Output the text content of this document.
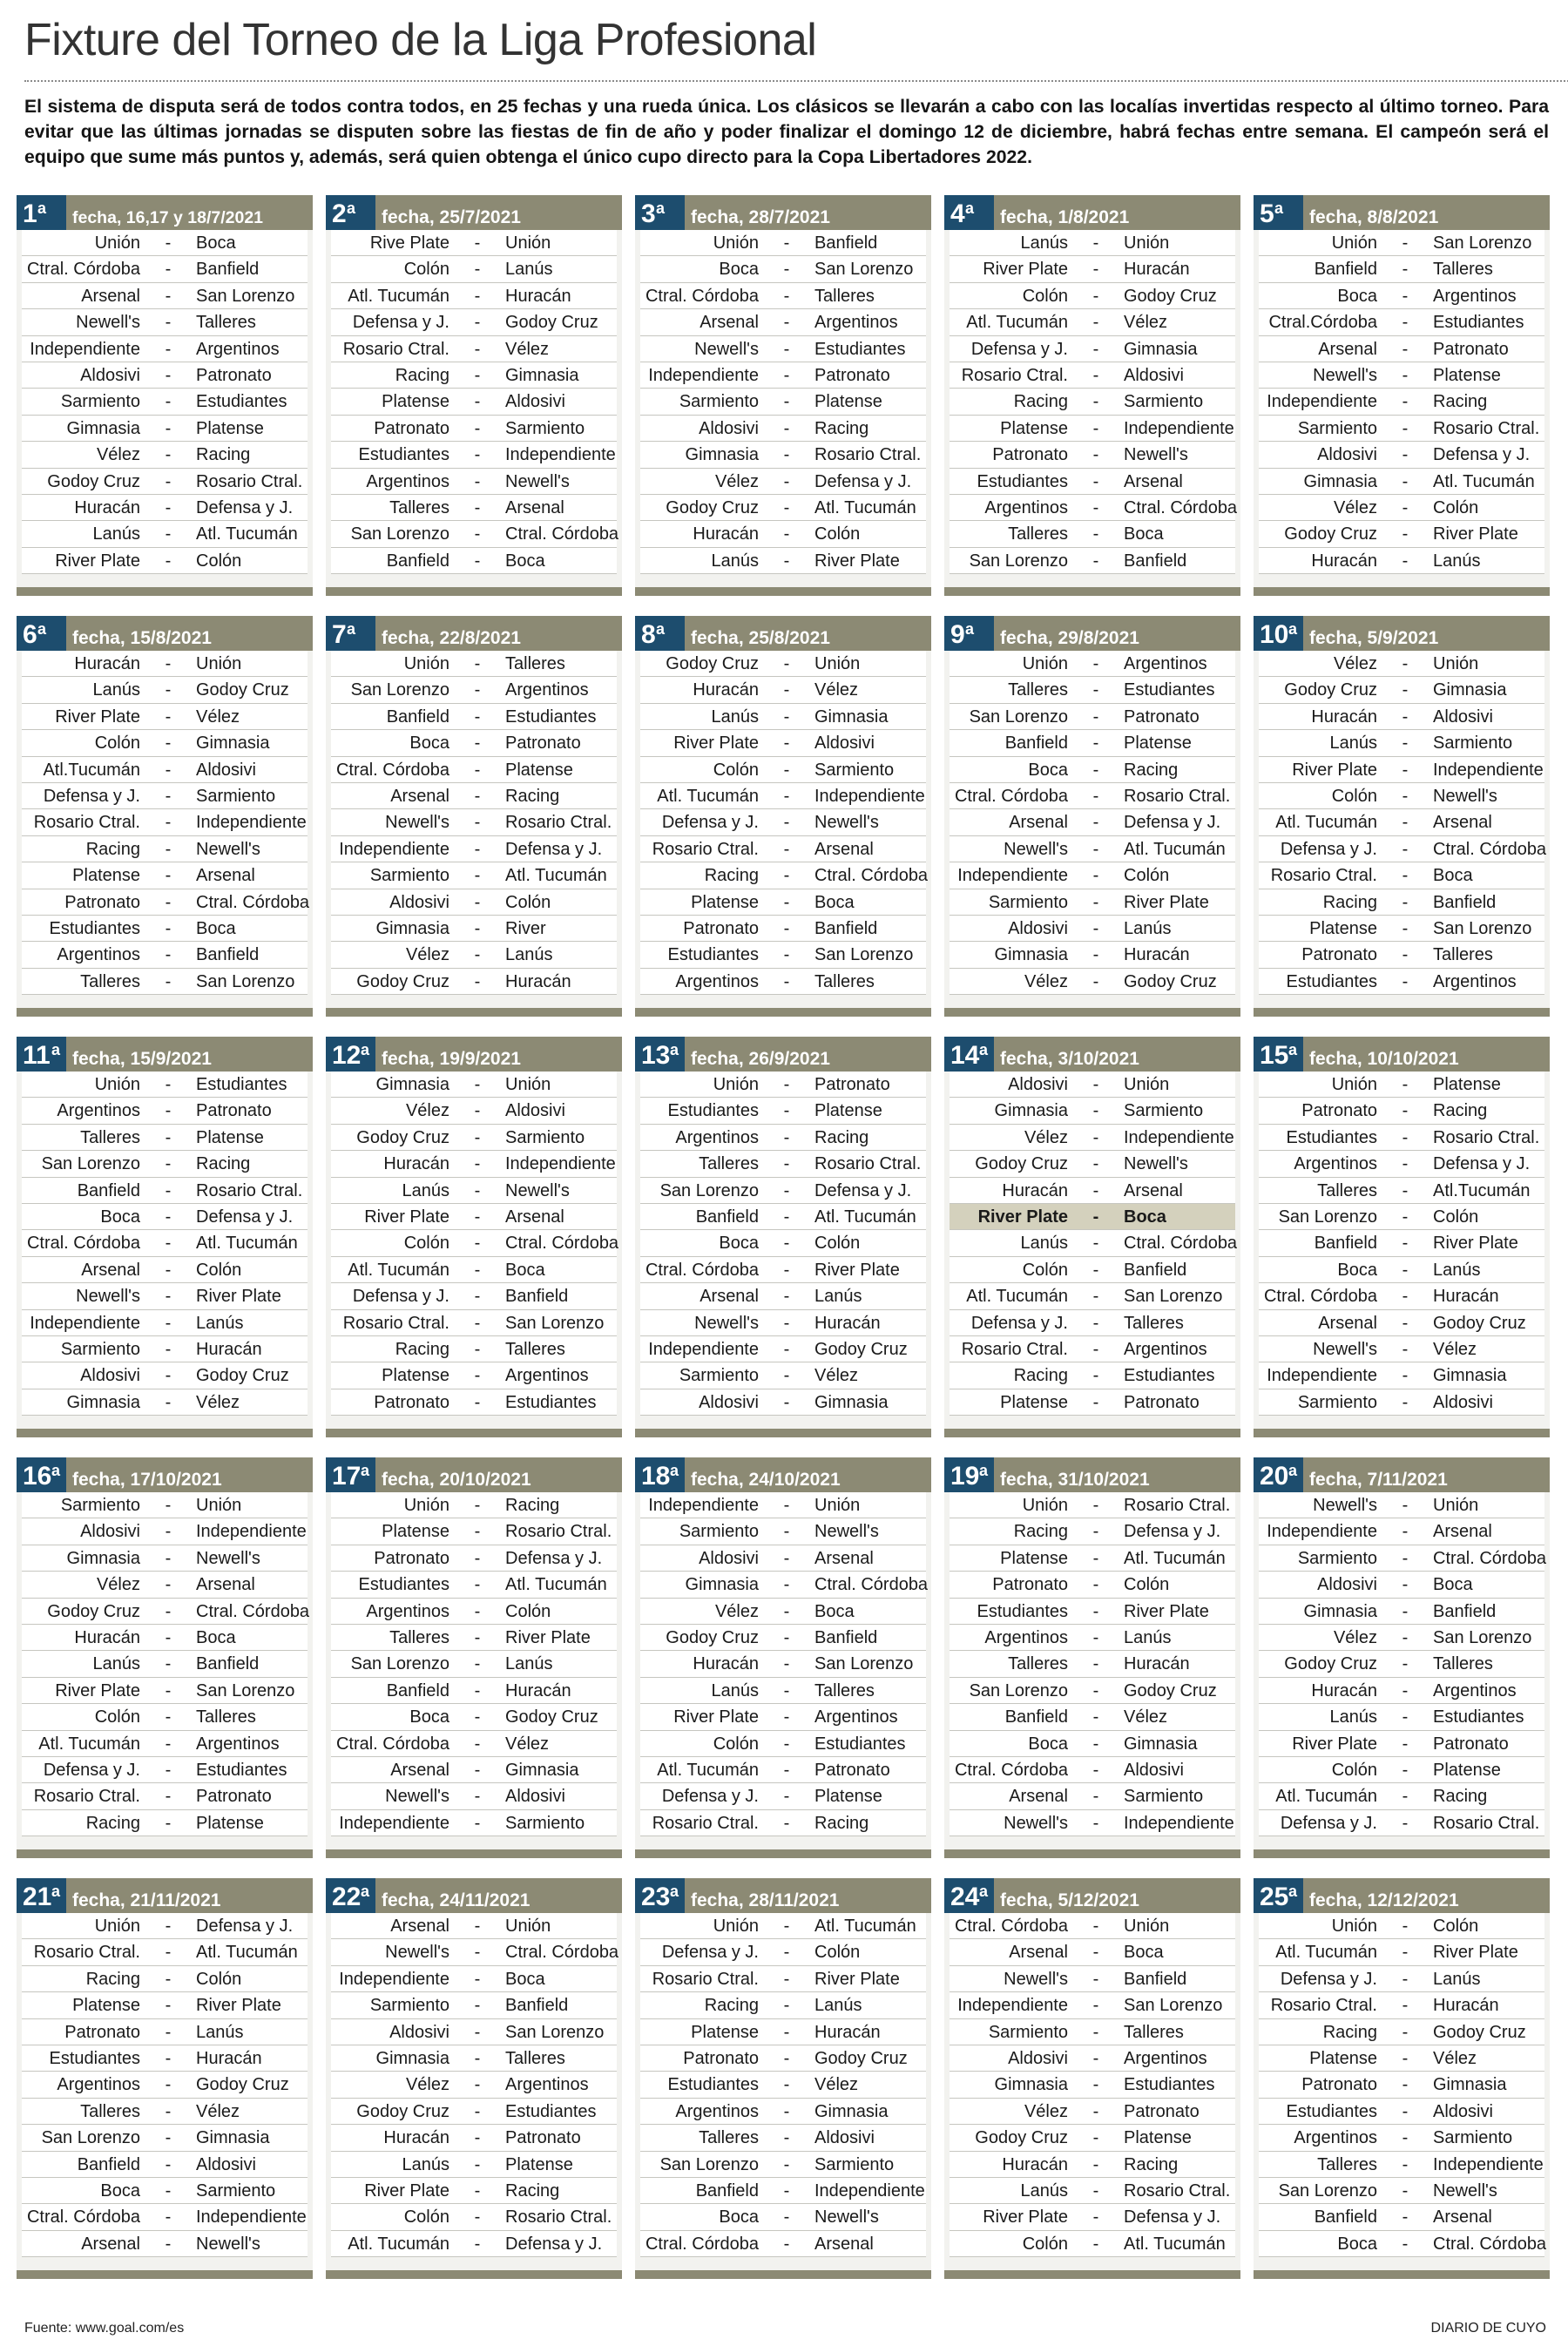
Fixture del Torneo de la Liga Profesional

El sistema de disputa será de todos contra todos, en 25 fechas y una rueda única. Los clásicos se llevarán a cabo con las localías invertidas respecto al último torneo. Para evitar que las últimas jornadas se disputen sobre las fiestas de fin de año y poder finalizar el domingo 12 de diciembre, habrá fechas entre semana. El campeón será el equipo que sume más puntos y, además, será quien obtenga el único cupo directo para la Copa Libertadores 2022.

1 a fecha, 16,17 y 18/7/2021
Unión	-	Boca
Ctral. Córdoba	-	Banfield
Arsenal	-	San Lorenzo
Newell's	-	Talleres
Independiente	-	Argentinos
Aldosivi	-	Patronato
Sarmiento	-	Estudiantes
Gimnasia	-	Platense
Vélez	-	Racing
Godoy Cruz	-	Rosario Ctral.
Huracán	-	Defensa y J.
Lanús	-	Atl. Tucumán
River Plate	-	Colón
2 a fecha, 25/7/2021
Rive Plate	-	Unión
Colón	-	Lanús
Atl. Tucumán	-	Huracán
Defensa y J.	-	Godoy Cruz
Rosario Ctral.	-	Vélez
Racing	-	Gimnasia
Platense	-	Aldosivi
Patronato	-	Sarmiento
Estudiantes	-	Independiente
Argentinos	-	Newell's
Talleres	-	Arsenal
San Lorenzo	-	Ctral. Córdoba
Banfield	-	Boca
3 a fecha, 28/7/2021
Unión	-	Banfield
Boca	-	San Lorenzo
Ctral. Córdoba	-	Talleres
Arsenal	-	Argentinos
Newell's	-	Estudiantes
Independiente	-	Patronato
Sarmiento	-	Platense
Aldosivi	-	Racing
Gimnasia	-	Rosario Ctral.
Vélez	-	Defensa y J.
Godoy Cruz	-	Atl. Tucumán
Huracán	-	Colón
Lanús	-	River Plate
4 a fecha, 1/8/2021
Lanús	-	Unión
River Plate	-	Huracán
Colón	-	Godoy Cruz
Atl. Tucumán	-	Vélez
Defensa y J.	-	Gimnasia
Rosario Ctral.	-	Aldosivi
Racing	-	Sarmiento
Platense	-	Independiente
Patronato	-	Newell's
Estudiantes	-	Arsenal
Argentinos	-	Ctral. Córdoba
Talleres	-	Boca
San Lorenzo	-	Banfield
5 a fecha, 8/8/2021
Unión	-	San Lorenzo
Banfield	-	Talleres
Boca	-	Argentinos
Ctral.Córdoba	-	Estudiantes
Arsenal	-	Patronato
Newell's	-	Platense
Independiente	-	Racing
Sarmiento	-	Rosario Ctral.
Aldosivi	-	Defensa y J.
Gimnasia	-	Atl. Tucumán
Vélez	-	Colón
Godoy Cruz	-	River Plate
Huracán	-	Lanús
6 a fecha, 15/8/2021
Huracán	-	Unión
Lanús	-	Godoy Cruz
River Plate	-	Vélez
Colón	-	Gimnasia
Atl.Tucumán	-	Aldosivi
Defensa y J.	-	Sarmiento
Rosario Ctral.	-	Independiente
Racing	-	Newell's
Platense	-	Arsenal
Patronato	-	Ctral. Córdoba
Estudiantes	-	Boca
Argentinos	-	Banfield
Talleres	-	San Lorenzo
7 a fecha, 22/8/2021
Unión	-	Talleres
San Lorenzo	-	Argentinos
Banfield	-	Estudiantes
Boca	-	Patronato
Ctral. Córdoba	-	Platense
Arsenal	-	Racing
Newell's	-	Rosario Ctral.
Independiente	-	Defensa y J.
Sarmiento	-	Atl. Tucumán
Aldosivi	-	Colón
Gimnasia	-	River
Vélez	-	Lanús
Godoy Cruz	-	Huracán
8 a fecha, 25/8/2021
Godoy Cruz	-	Unión
Huracán	-	Vélez
Lanús	-	Gimnasia
River Plate	-	Aldosivi
Colón	-	Sarmiento
Atl. Tucumán	-	Independiente
Defensa y J.	-	Newell's
Rosario Ctral.	-	Arsenal
Racing	-	Ctral. Córdoba
Platense	-	Boca
Patronato	-	Banfield
Estudiantes	-	San Lorenzo
Argentinos	-	Talleres
9 a fecha, 29/8/2021
Unión	-	Argentinos
Talleres	-	Estudiantes
San Lorenzo	-	Patronato
Banfield	-	Platense
Boca	-	Racing
Ctral. Córdoba	-	Rosario Ctral.
Arsenal	-	Defensa y J.
Newell's	-	Atl. Tucumán
Independiente	-	Colón
Sarmiento	-	River Plate
Aldosivi	-	Lanús
Gimnasia	-	Huracán
Vélez	-	Godoy Cruz
10 a fecha, 5/9/2021
Vélez	-	Unión
Godoy Cruz	-	Gimnasia
Huracán	-	Aldosivi
Lanús	-	Sarmiento
River Plate	-	Independiente
Colón	-	Newell's
Atl. Tucumán	-	Arsenal
Defensa y J.	-	Ctral. Córdoba
Rosario Ctral.	-	Boca
Racing	-	Banfield
Platense	-	San Lorenzo
Patronato	-	Talleres
Estudiantes	-	Argentinos
11 a fecha, 15/9/2021
Unión	-	Estudiantes
Argentinos	-	Patronato
Talleres	-	Platense
San Lorenzo	-	Racing
Banfield	-	Rosario Ctral.
Boca	-	Defensa y J.
Ctral. Córdoba	-	Atl. Tucumán
Arsenal	-	Colón
Newell's	-	River Plate
Independiente	-	Lanús
Sarmiento	-	Huracán
Aldosivi	-	Godoy Cruz
Gimnasia	-	Vélez
12 a fecha, 19/9/2021
Gimnasia	-	Unión
Vélez	-	Aldosivi
Godoy Cruz	-	Sarmiento
Huracán	-	Independiente
Lanús	-	Newell's
River Plate	-	Arsenal
Colón	-	Ctral. Córdoba
Atl. Tucumán	-	Boca
Defensa y J.	-	Banfield
Rosario Ctral.	-	San Lorenzo
Racing	-	Talleres
Platense	-	Argentinos
Patronato	-	Estudiantes
13 a fecha, 26/9/2021
Unión	-	Patronato
Estudiantes	-	Platense
Argentinos	-	Racing
Talleres	-	Rosario Ctral.
San Lorenzo	-	Defensa y J.
Banfield	-	Atl. Tucumán
Boca	-	Colón
Ctral. Córdoba	-	River Plate
Arsenal	-	Lanús
Newell's	-	Huracán
Independiente	-	Godoy Cruz
Sarmiento	-	Vélez
Aldosivi	-	Gimnasia
14 a fecha, 3/10/2021
Aldosivi	-	Unión
Gimnasia	-	Sarmiento
Vélez	-	Independiente
Godoy Cruz	-	Newell's
Huracán	-	Arsenal
River Plate	-	Boca
Lanús	-	Ctral. Córdoba
Colón	-	Banfield
Atl. Tucumán	-	San Lorenzo
Defensa y J.	-	Talleres
Rosario Ctral.	-	Argentinos
Racing	-	Estudiantes
Platense	-	Patronato
15 a fecha, 10/10/2021
Unión	-	Platense
Patronato	-	Racing
Estudiantes	-	Rosario Ctral.
Argentinos	-	Defensa y J.
Talleres	-	Atl.Tucumán
San Lorenzo	-	Colón
Banfield	-	River Plate
Boca	-	Lanús
Ctral. Córdoba	-	Huracán
Arsenal	-	Godoy Cruz
Newell's	-	Vélez
Independiente	-	Gimnasia
Sarmiento	-	Aldosivi
16 a fecha, 17/10/2021
Sarmiento	-	Unión
Aldosivi	-	Independiente
Gimnasia	-	Newell's
Vélez	-	Arsenal
Godoy Cruz	-	Ctral. Córdoba
Huracán	-	Boca
Lanús	-	Banfield
River Plate	-	San Lorenzo
Colón	-	Talleres
Atl. Tucumán	-	Argentinos
Defensa y J.	-	Estudiantes
Rosario Ctral.	-	Patronato
Racing	-	Platense
17 a fecha, 20/10/2021
Unión	-	Racing
Platense	-	Rosario Ctral.
Patronato	-	Defensa y J.
Estudiantes	-	Atl. Tucumán
Argentinos	-	Colón
Talleres	-	River Plate
San Lorenzo	-	Lanús
Banfield	-	Huracán
Boca	-	Godoy Cruz
Ctral. Córdoba	-	Vélez
Arsenal	-	Gimnasia
Newell's	-	Aldosivi
Independiente	-	Sarmiento
18 a fecha, 24/10/2021
Independiente	-	Unión
Sarmiento	-	Newell's
Aldosivi	-	Arsenal
Gimnasia	-	Ctral. Córdoba
Vélez	-	Boca
Godoy Cruz	-	Banfield
Huracán	-	San Lorenzo
Lanús	-	Talleres
River Plate	-	Argentinos
Colón	-	Estudiantes
Atl. Tucumán	-	Patronato
Defensa y J.	-	Platense
Rosario Ctral.	-	Racing
19 a fecha, 31/10/2021
Unión	-	Rosario Ctral.
Racing	-	Defensa y J.
Platense	-	Atl. Tucumán
Patronato	-	Colón
Estudiantes	-	River Plate
Argentinos	-	Lanús
Talleres	-	Huracán
San Lorenzo	-	Godoy Cruz
Banfield	-	Vélez
Boca	-	Gimnasia
Ctral. Córdoba	-	Aldosivi
Arsenal	-	Sarmiento
Newell's	-	Independiente
20 a fecha, 7/11/2021
Newell's	-	Unión
Independiente	-	Arsenal
Sarmiento	-	Ctral. Córdoba
Aldosivi	-	Boca
Gimnasia	-	Banfield
Vélez	-	San Lorenzo
Godoy Cruz	-	Talleres
Huracán	-	Argentinos
Lanús	-	Estudiantes
River Plate	-	Patronato
Colón	-	Platense
Atl. Tucumán	-	Racing
Defensa y J.	-	Rosario Ctral.
21 a fecha, 21/11/2021
Unión	-	Defensa y J.
Rosario Ctral.	-	Atl. Tucumán
Racing	-	Colón
Platense	-	River Plate
Patronato	-	Lanús
Estudiantes	-	Huracán
Argentinos	-	Godoy Cruz
Talleres	-	Vélez
San Lorenzo	-	Gimnasia
Banfield	-	Aldosivi
Boca	-	Sarmiento
Ctral. Córdoba	-	Independiente
Arsenal	-	Newell's
22 a fecha, 24/11/2021
Arsenal	-	Unión
Newell's	-	Ctral. Córdoba
Independiente	-	Boca
Sarmiento	-	Banfield
Aldosivi	-	San Lorenzo
Gimnasia	-	Talleres
Vélez	-	Argentinos
Godoy Cruz	-	Estudiantes
Huracán	-	Patronato
Lanús	-	Platense
River Plate	-	Racing
Colón	-	Rosario Ctral.
Atl. Tucumán	-	Defensa y J.
23 a fecha, 28/11/2021
Unión	-	Atl. Tucumán
Defensa y J.	-	Colón
Rosario Ctral.	-	River Plate
Racing	-	Lanús
Platense	-	Huracán
Patronato	-	Godoy Cruz
Estudiantes	-	Vélez
Argentinos	-	Gimnasia
Talleres	-	Aldosivi
San Lorenzo	-	Sarmiento
Banfield	-	Independiente
Boca	-	Newell's
Ctral. Córdoba	-	Arsenal
24 a fecha, 5/12/2021
Ctral. Córdoba	-	Unión
Arsenal	-	Boca
Newell's	-	Banfield
Independiente	-	San Lorenzo
Sarmiento	-	Talleres
Aldosivi	-	Argentinos
Gimnasia	-	Estudiantes
Vélez	-	Patronato
Godoy Cruz	-	Platense
Huracán	-	Racing
Lanús	-	Rosario Ctral.
River Plate	-	Defensa y J.
Colón	-	Atl. Tucumán
25 a fecha, 12/12/2021
Unión	-	Colón
Atl. Tucumán	-	River Plate
Defensa y J.	-	Lanús
Rosario Ctral.	-	Huracán
Racing	-	Godoy Cruz
Platense	-	Vélez
Patronato	-	Gimnasia
Estudiantes	-	Aldosivi
Argentinos	-	Sarmiento
Talleres	-	Independiente
San Lorenzo	-	Newell's
Banfield	-	Arsenal
Boca	-	Ctral. Córdoba
Fuente: www.goal.com/es	DIARIO DE CUYO
